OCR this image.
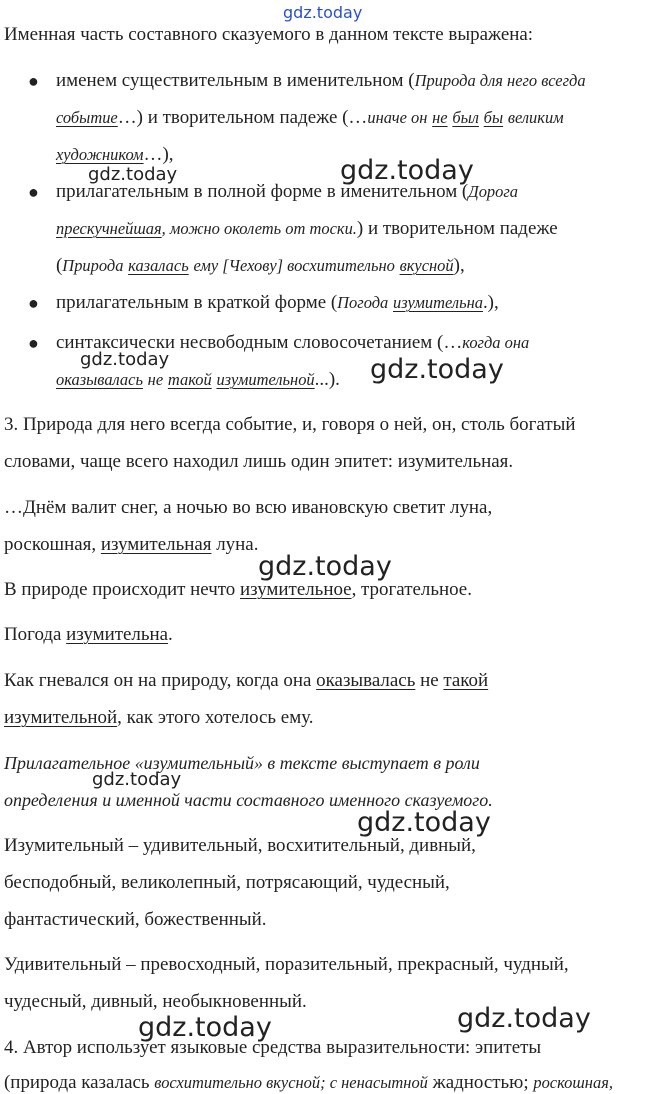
gdz.today
gdz.today
gdz.today
gdz.today	gdz.today
gdz.today
gdz.today
gdz.today
gdz.today	gdz.today
Именная часть составного сказуемого в данном тексте выражена:
● именем существительным в именительном (Природа для него всегда
событие…) и творительном падеже (…иначе он не был бы великим
художником…),
● прилагательным в полной форме в именительном (Дорога
прескучнейшая, можно околеть от тоски.) и творительном падеже
(Природа казалась ему [Чехову] восхитительно вкусной),
● прилагательным в краткой форме (Погода изумительна.),
● синтаксически несвободным словосочетанием (…когда она
оказывалась не такой изумительной...).
3. Природа для него всегда событие, и, говоря о ней, он, столь богатый
словами, чаще всего находил лишь один эпитет: изумительная.
…Днём валит снег, а ночью во всю ивановскую светит луна,
роскошная, изумительная луна.
В природе происходит нечто изумительное, трогательное.
Погода изумительна.
Как гневался он на природу, когда она оказывалась не такой
изумительной, как этого хотелось ему.
Прилагательное «изумительный» в тексте выступает в роли
определения и именной части составного именного сказуемого.
Изумительный – удивительный, восхитительный, дивный,
бесподобный, великолепный, потрясающий, чудесный,
фантастический, божественный.
Удивительный – превосходный, поразительный, прекрасный, чудный,
чудесный, дивный, необыкновенный.
4. Автор использует языковые средства выразительности: эпитеты
(природа казалась восхитительно вкусной; с ненасытной жадностью; роскошная,
